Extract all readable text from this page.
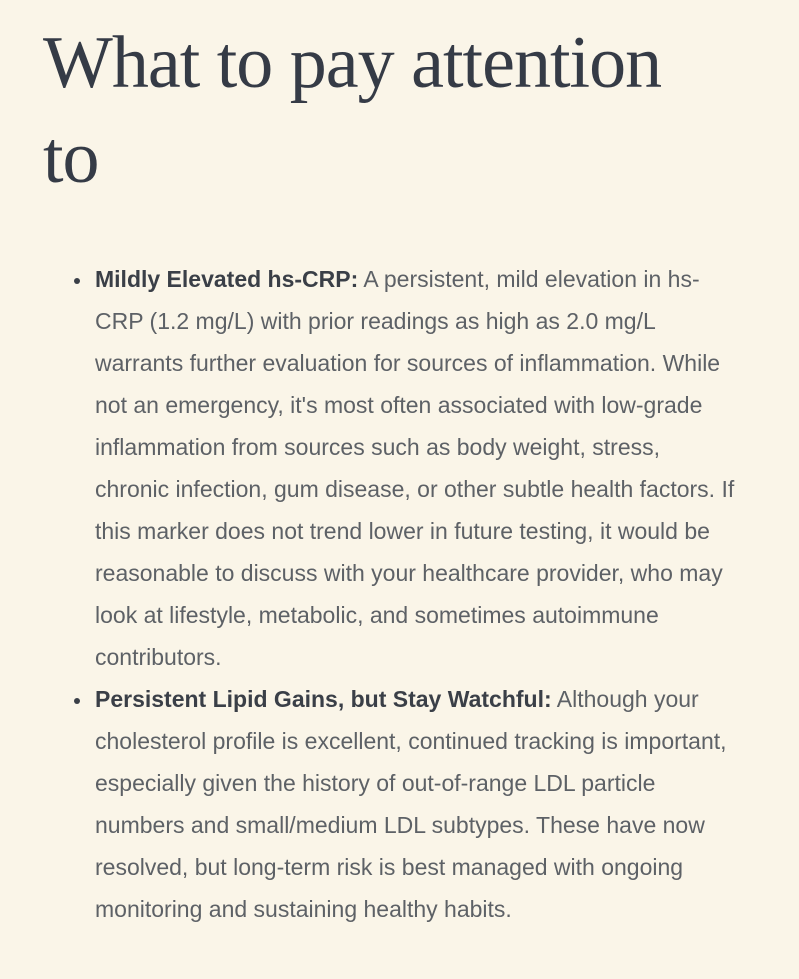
What to pay attention to
• Mildly Elevated hs-CRP: A persistent, mild elevation in hs-CRP (1.2 mg/L) with prior readings as high as 2.0 mg/L warrants further evaluation for sources of inflammation. While not an emergency, it's most often associated with low-grade inflammation from sources such as body weight, stress, chronic infection, gum disease, or other subtle health factors. If this marker does not trend lower in future testing, it would be reasonable to discuss with your healthcare provider, who may look at lifestyle, metabolic, and sometimes autoimmune contributors.
• Persistent Lipid Gains, but Stay Watchful: Although your cholesterol profile is excellent, continued tracking is important, especially given the history of out-of-range LDL particle numbers and small/medium LDL subtypes. These have now resolved, but long-term risk is best managed with ongoing monitoring and sustaining healthy habits.
